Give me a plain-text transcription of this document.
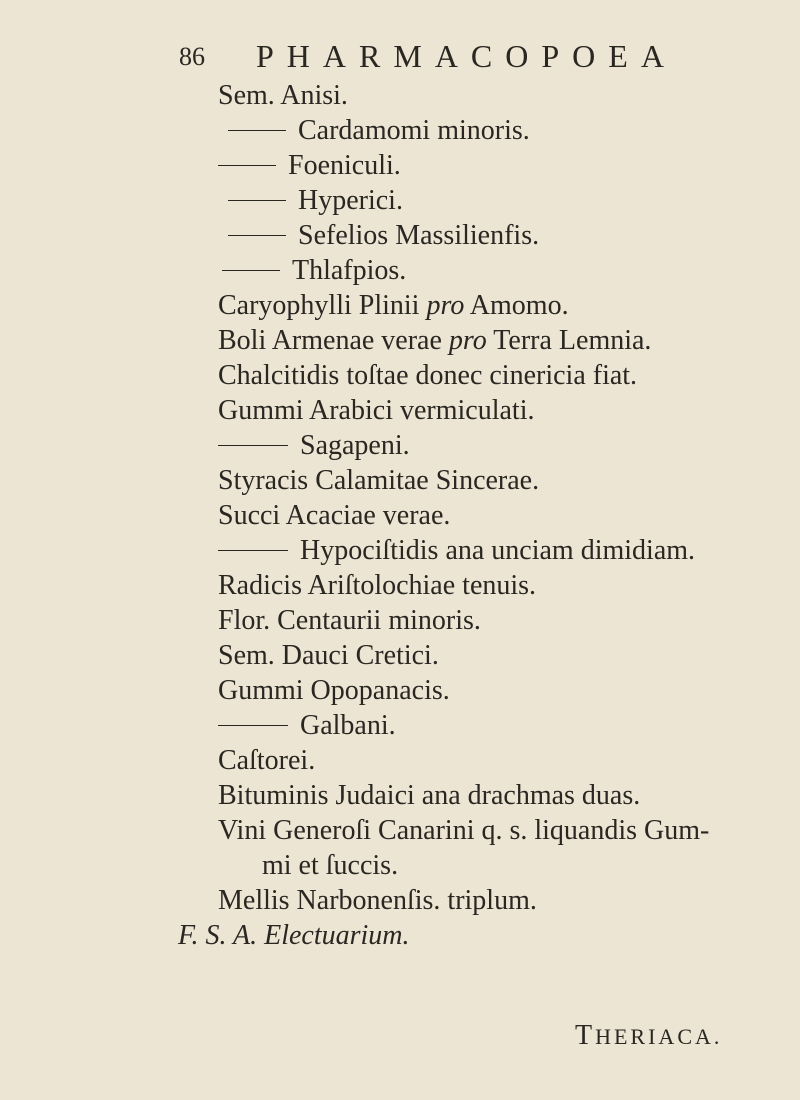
86 PHARMACOPOEA
Sem. Anisi.
Cardamomi minoris.
Foeniculi.
Hyperici.
Sefelios Massilienfis.
Thlafpios.
Caryophylli Plinii pro Amomo.
Boli Armenae verae pro Terra Lemnia.
Chalcitidis toſtae donec cinericia fiat.
Gummi Arabici vermiculati.
Sagapeni.
Styracis Calamitae Sincerae.
Succi Acaciae verae.
Hypociſtidis ana unciam dimidiam.
Radicis Ariſtolochiae tenuis.
Flor. Centaurii minoris.
Sem. Dauci Cretici.
Gummi Opopanacis.
Galbani.
Caſtorei.
Bituminis Judaici ana drachmas duas.
Vini Generoſi Canarini q. s. liquandis Gum-
mi et ſuccis.
Mellis Narbonenſis. triplum.
F. S. A. Electuarium.
THERIACA.
